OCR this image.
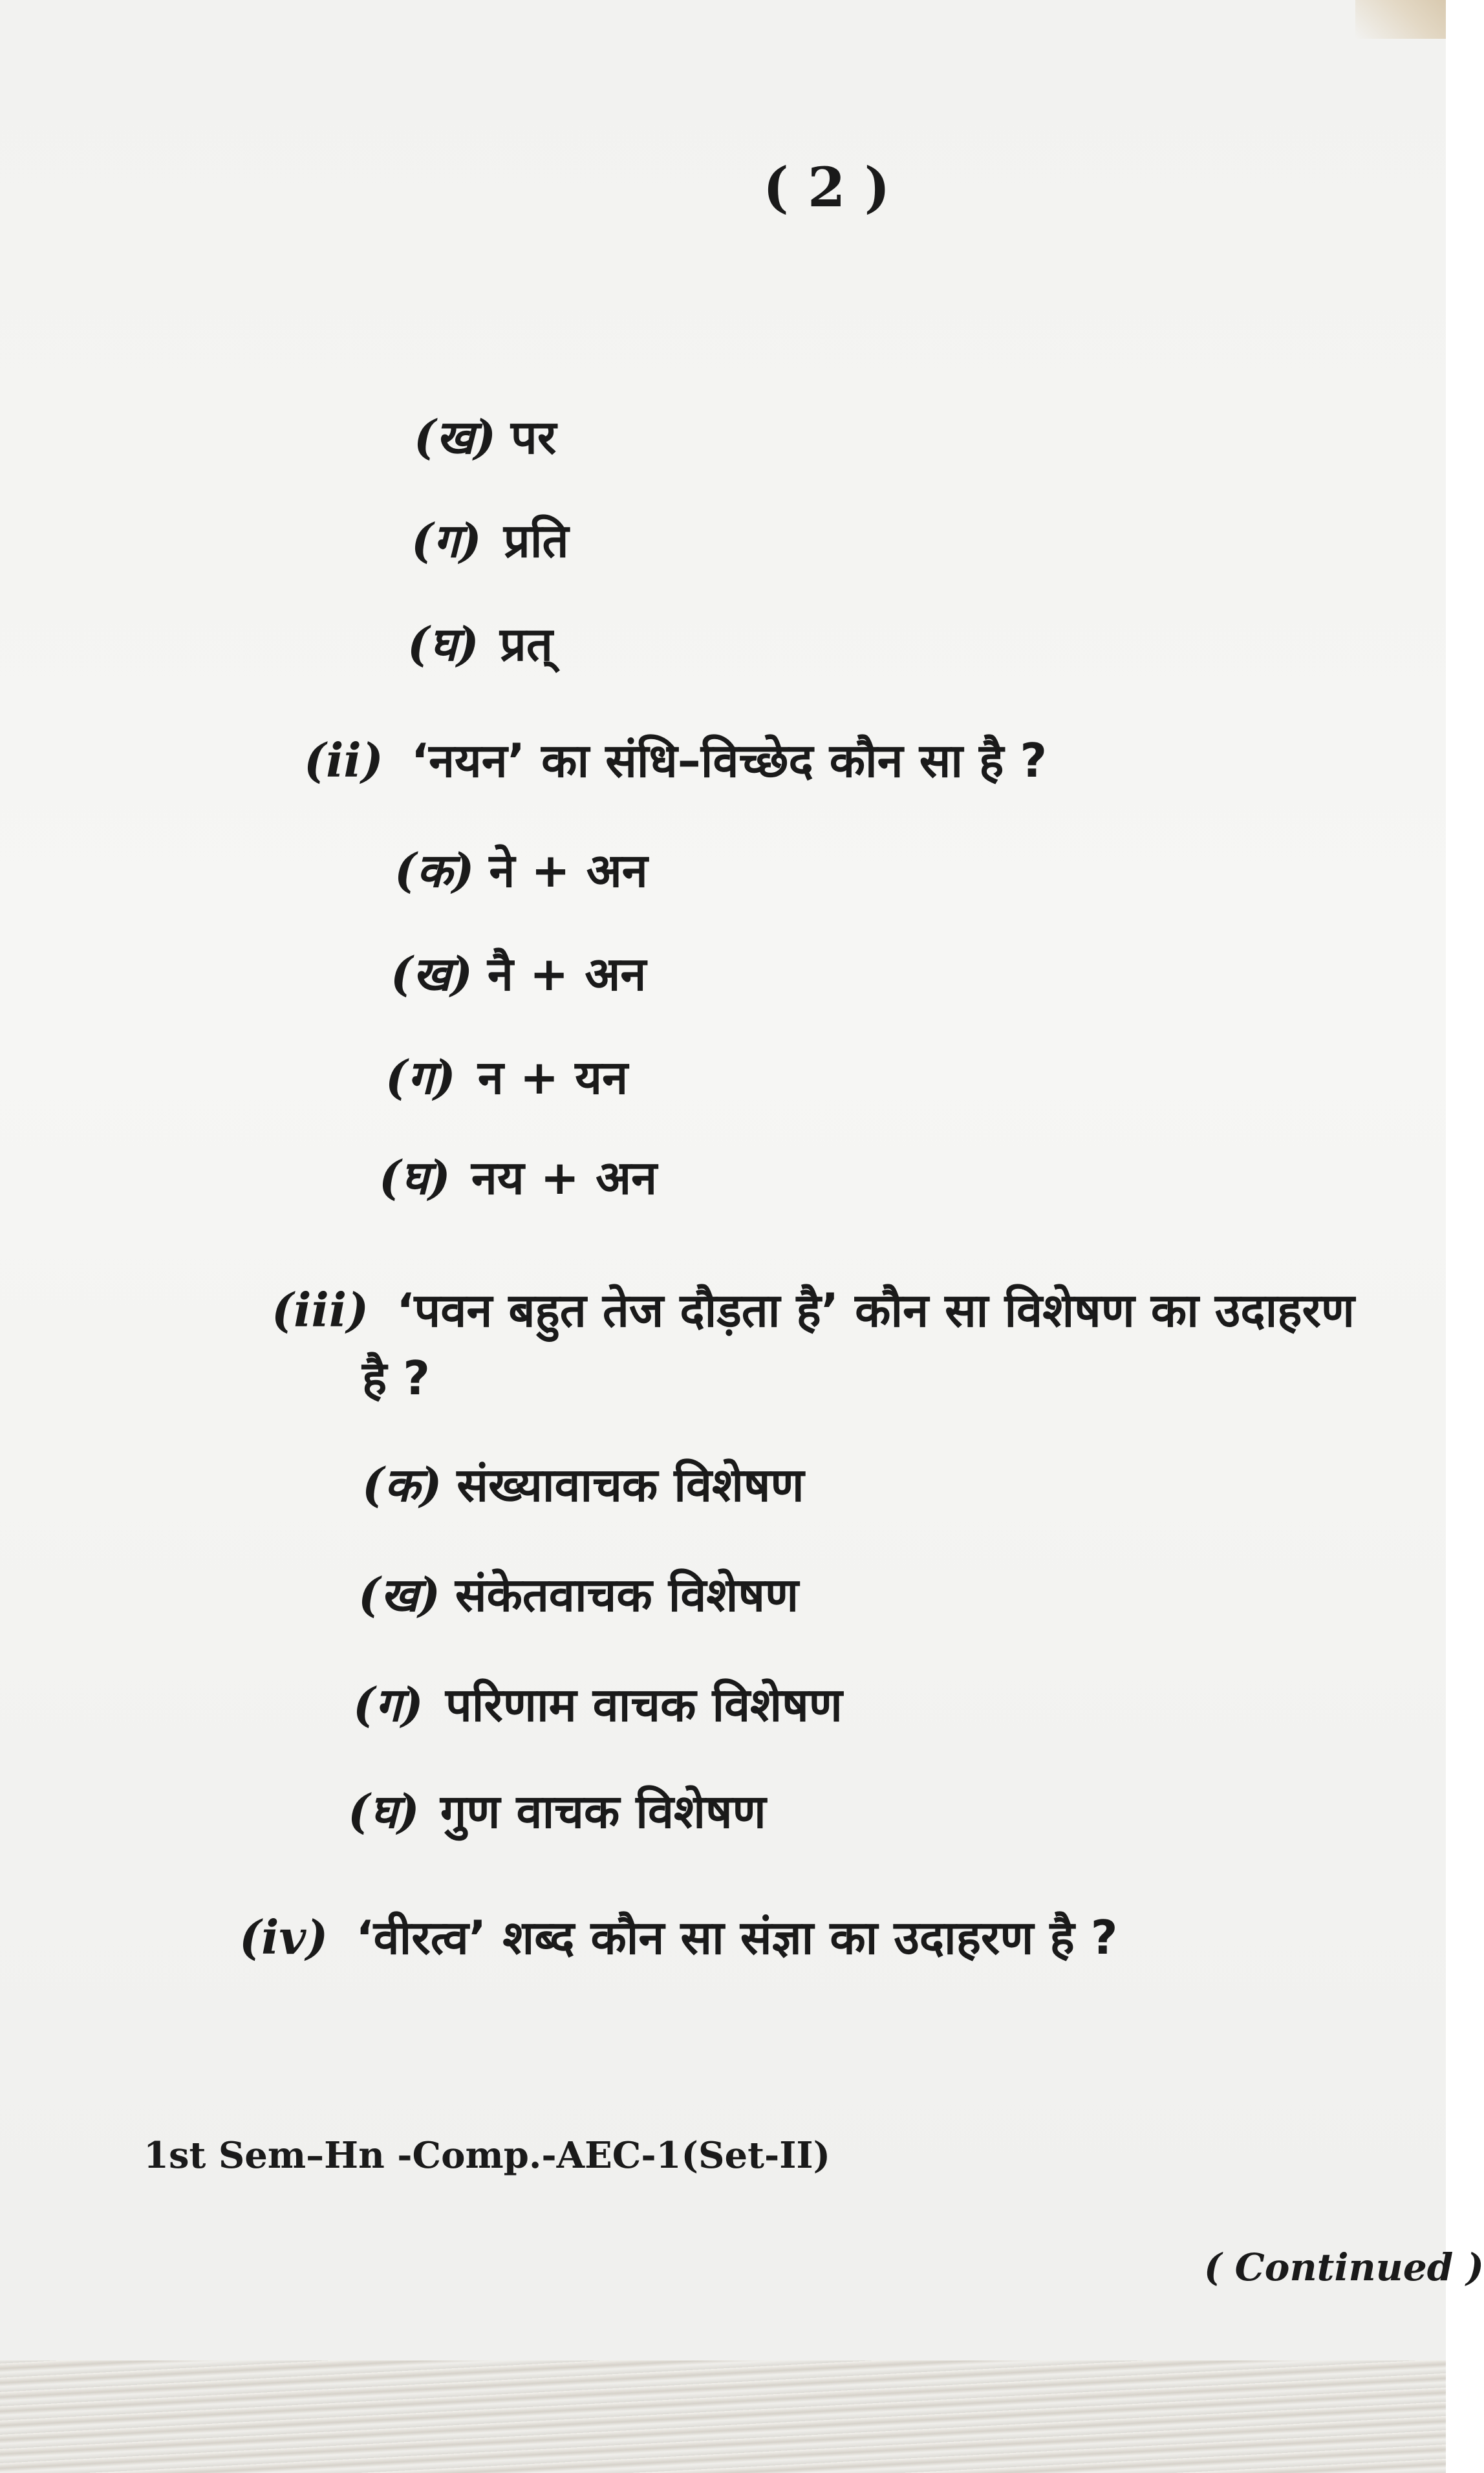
( 2 )
(ख) पर
(ग) प्रति
(घ) प्रत्
(ii) ‘नयन’ का संधि–विच्छेद कौन सा है ?
(क) ने + अन
(ख) नै + अन
(ग) न + यन
(घ) नय + अन
(iii) ‘पवन बहुत तेज दौड़ता है’ कौन सा विशेषण का उदाहरण
है ?
(क) संख्यावाचक विशेषण
(ख) संकेतवाचक विशेषण
(ग) परिणाम वाचक विशेषण
(घ) गुण वाचक विशेषण
(iv) ‘वीरत्व’ शब्द कौन सा संज्ञा का उदाहरण है ?
1st Sem–Hn -Comp.-AEC-1(Set-II)
( Continued )
